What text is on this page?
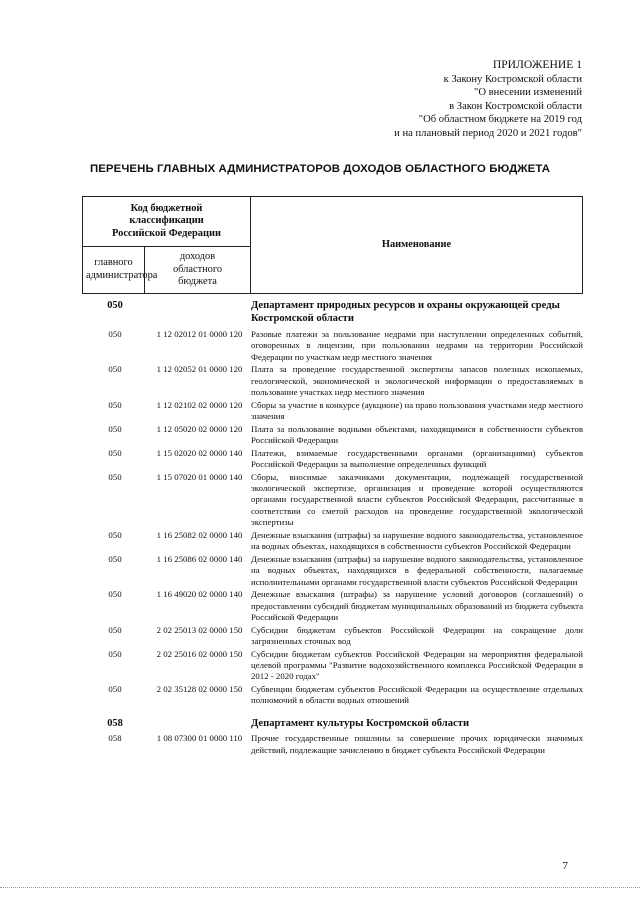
ПРИЛОЖЕНИЕ 1
к Закону Костромской области
"О внесении изменений
в Закон Костромской области
"Об областном бюджете на 2019 год
и на плановый период 2020 и 2021 годов"
ПЕРЕЧЕНЬ ГЛАВНЫХ АДМИНИСТРАТОРОВ ДОХОДОВ ОБЛАСТНОГО БЮДЖЕТА
Код бюджетной классификации Российской Федерации		Наименование

главного администратора	доходов областного бюджета	
050		Департамент природных ресурсов и охраны окружающей среды Костромской области
050	1 12 02012 01 0000 120	Разовые платежи за пользование недрами при наступлении определенных событий, оговоренных в лицензии, при пользовании недрами на территории Российской Федерации по участкам недр местного значения
050	1 12 02052 01 0000 120	Плата за проведение государственной экспертизы запасов полезных ископаемых, геологической, экономической и экологической информации о предоставляемых в пользование участках недр местного значения
050	1 12 02102 02 0000 120	Сборы за участие в конкурсе (аукционе) на право пользования участками недр местного значения
050	1 12 05020 02 0000 120	Плата за пользование водными объектами, находящимися в собственности субъектов Российской Федерации
050	1 15 02020 02 0000 140	Платежи, взимаемые государственными органами (организациями) субъектов Российской Федерации за выполнение определенных функций
050	1 15 07020 01 0000 140	Сборы, вносимые заказчиками документации, подлежащей государственной экологической экспертизе, организация и проведение которой осуществляются органами государственной власти субъектов Российской Федерации, рассчитанные в соответствии со сметой расходов на проведение государственной экологической экспертизы
050	1 16 25082 02 0000 140	Денежные взыскания (штрафы) за нарушение водного законодательства, установленное на водных объектах, находящихся в собственности субъектов Российской Федерации
050	1 16 25086 02 0000 140	Денежные взыскания (штрафы) за нарушение водного законодательства, установленное на водных объектах, находящихся в федеральной собственности, налагаемые исполнительными органами государственной власти субъектов Российской Федерации
050	1 16 49020 02 0000 140	Денежные взыскания (штрафы) за нарушение условий договоров (соглашений) о предоставлении субсидий бюджетам муниципальных образований из бюджета субъекта Российской Федерации
050	2 02 25013 02 0000 150	Субсидии бюджетам субъектов Российской Федерации на сокращение доли загрязненных сточных вод
050	2 02 25016 02 0000 150	Субсидии бюджетам субъектов Российской Федерации на мероприятия федеральной целевой программы "Развитие водохозяйственного комплекса Российской Федерации в 2012 - 2020 годах"
050	2 02 35128 02 0000 150	Субвенции бюджетам субъектов Российской Федерации на осуществление отдельных полномочий в области водных отношений

058		Департамент культуры Костромской области
058	1 08 07300 01 0000 110	Прочие государственные пошлины за совершение прочих юридически значимых действий, подлежащие зачислению в бюджет субъекта Российской Федерации
7
